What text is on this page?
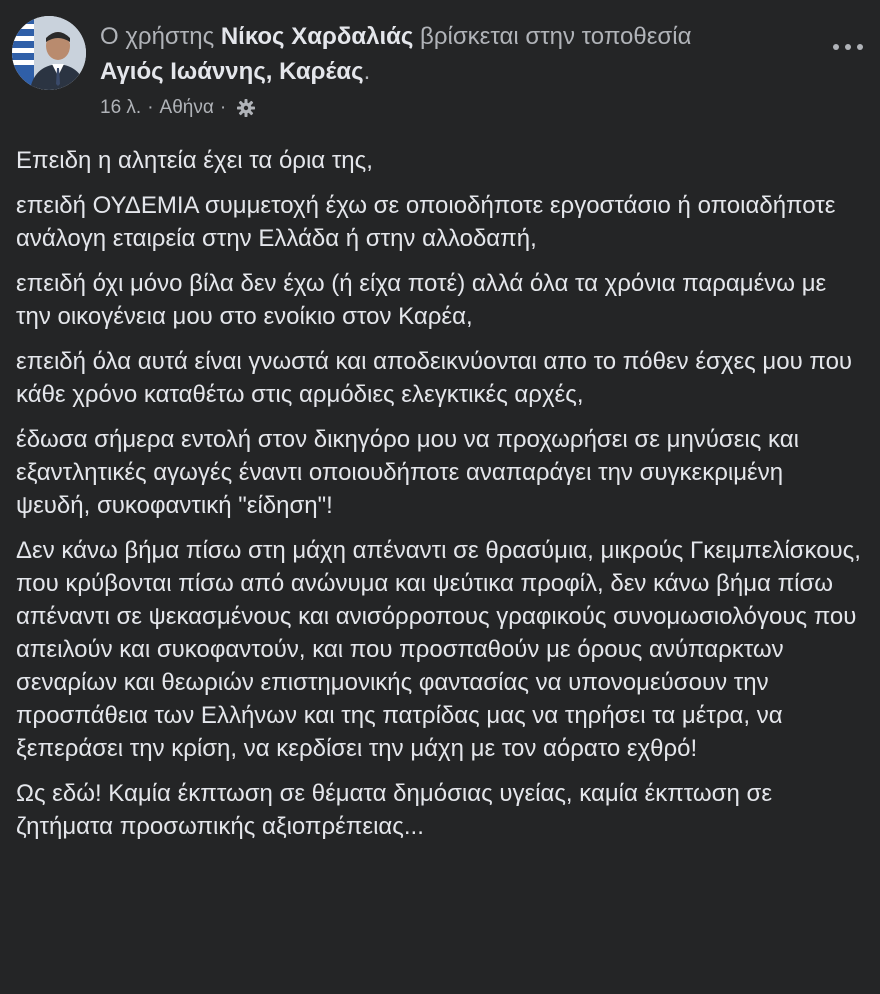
Ο χρήστης Νίκος Χαρδαλιάς βρίσκεται στην τοποθεσία
Αγιός Ιωάννης, Καρέας.
16 λ. · Αθήνα ·

Επειδη η αλητεία έχει τα όρια της,

επειδή ΟΥΔΕΜΙΑ συμμετοχή έχω σε οποιοδήποτε εργοστάσιο ή οποιαδήποτε ανάλογη εταιρεία στην Ελλάδα ή στην αλλοδαπή,

επειδή όχι μόνο βίλα δεν έχω (ή είχα ποτέ) αλλά όλα τα χρόνια παραμένω με την οικογένεια μου στο ενοίκιο στον Καρέα,

επειδή όλα αυτά είναι γνωστά και αποδεικνύονται απο το πόθεν έσχες μου που κάθε χρόνο καταθέτω στις αρμόδιες ελεγκτικές αρχές,

έδωσα σήμερα εντολή στον δικηγόρο μου να προχωρήσει σε μηνύσεις και εξαντλητικές αγωγές έναντι οποιουδήποτε αναπαράγει την συγκεκριμένη ψευδή, συκοφαντική "είδηση"!

Δεν κάνω βήμα πίσω στη μάχη απέναντι σε θρασύμια, μικρούς Γκειμπελίσκους, που κρύβονται πίσω από ανώνυμα και ψεύτικα προφίλ, δεν κάνω βήμα πίσω απέναντι σε ψεκασμένους και ανισόρροπους γραφικούς συνομωσιολόγους που απειλούν και συκοφαντούν, και που προσπαθούν με όρους ανύπαρκτων σεναρίων και θεωριών επιστημονικής φαντασίας να υπονομεύσουν την προσπάθεια των Ελλήνων και της πατρίδας μας να τηρήσει τα μέτρα, να ξεπεράσει την κρίση, να κερδίσει την μάχη με τον αόρατο εχθρό!

Ως εδώ! Καμία έκπτωση σε θέματα δημόσιας υγείας, καμία έκπτωση σε ζητήματα προσωπικής αξιοπρέπειας...
